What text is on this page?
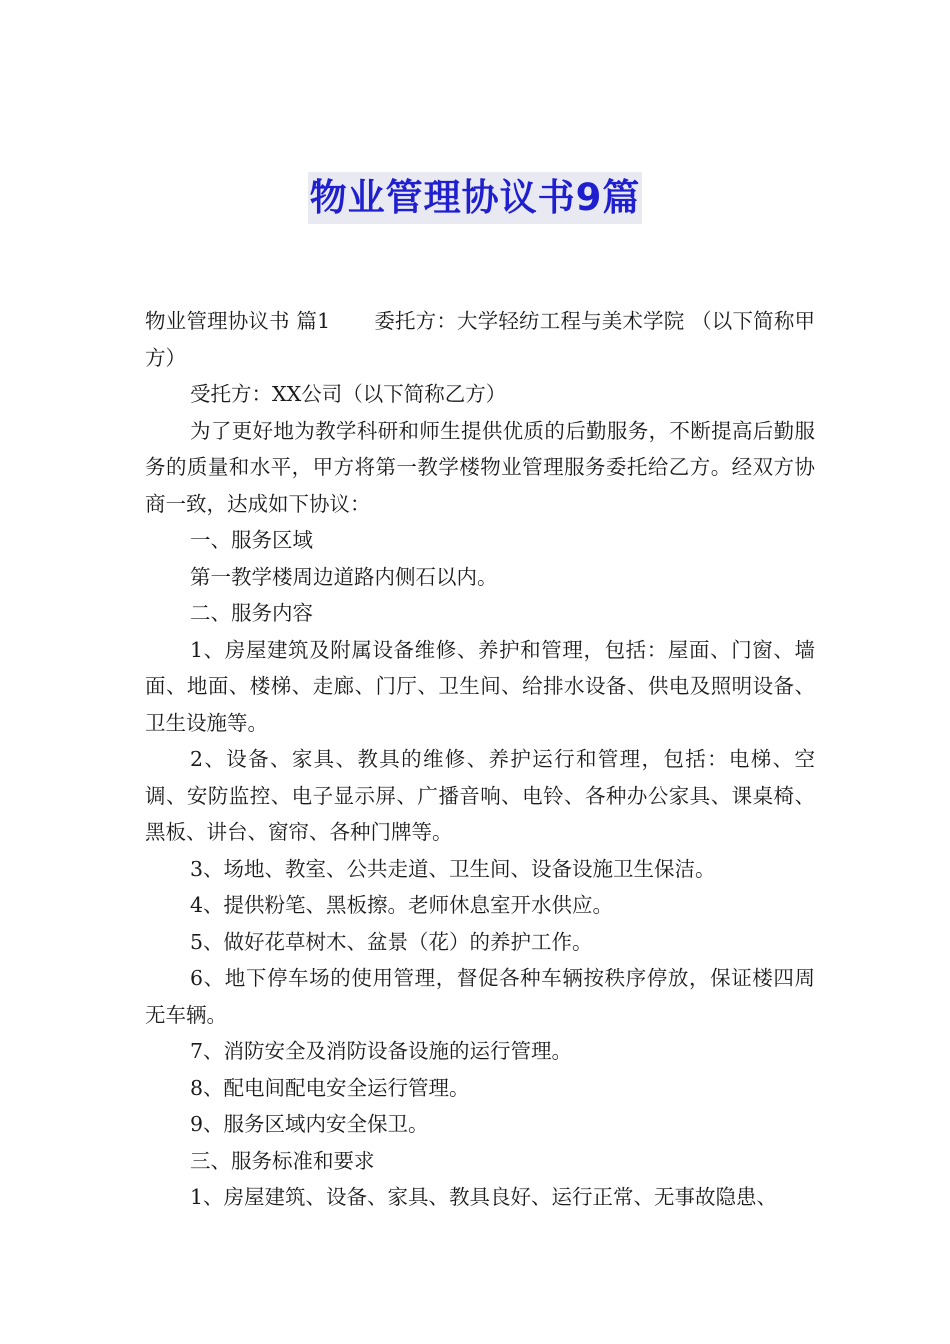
物业管理协议书9篇

物业管理协议书 篇1 委托方：大学轻纺工程与美术学院 （以下简称甲方）

受托方：XX公司（以下简称乙方）

为了更好地为教学科研和师生提供优质的后勤服务，不断提高后勤服务的质量和水平，甲方将第一教学楼物业管理服务委托给乙方。经双方协商一致，达成如下协议：

一、服务区域

第一教学楼周边道路内侧石以内。

二、服务内容

1、房屋建筑及附属设备维修、养护和管理，包括：屋面、门窗、墙面、地面、楼梯、走廊、门厅、卫生间、给排水设备、供电及照明设备、卫生设施等。

2、设备、家具、教具的维修、养护运行和管理，包括：电梯、空调、安防监控、电子显示屏、广播音响、电铃、各种办公家具、课桌椅、黑板、讲台、窗帘、各种门牌等。

3、场地、教室、公共走道、卫生间、设备设施卫生保洁。

4、提供粉笔、黑板擦。老师休息室开水供应。

5、做好花草树木、盆景（花）的养护工作。

6、地下停车场的使用管理，督促各种车辆按秩序停放，保证楼四周无车辆。

7、消防安全及消防设备设施的运行管理。

8、配电间配电安全运行管理。

9、服务区域内安全保卫。

三、服务标准和要求

1、房屋建筑、设备、家具、教具良好、运行正常、无事故隐患、
